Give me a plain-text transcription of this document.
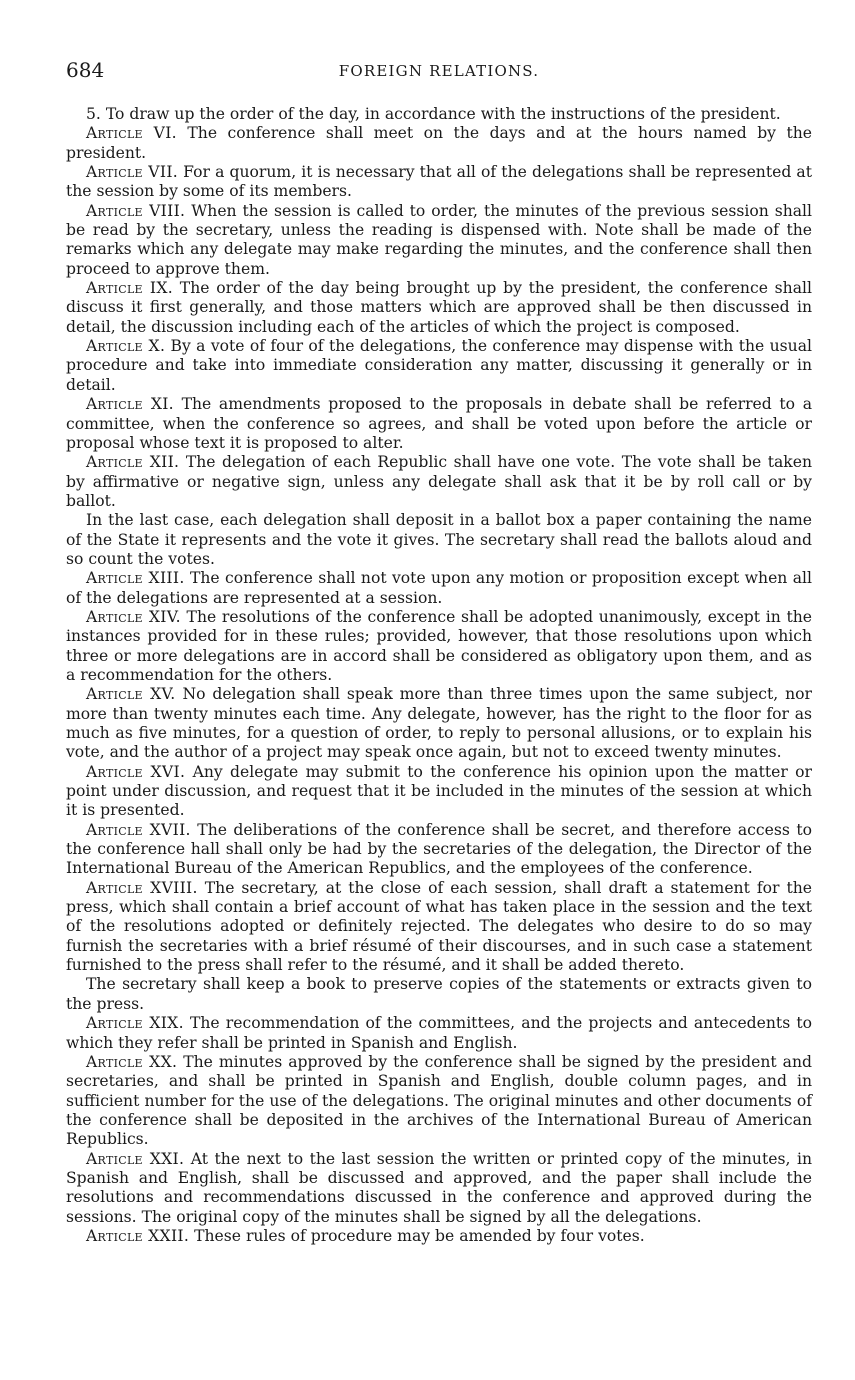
684	FOREIGN RELATIONS.

5. To draw up the order of the day, in accordance with the instructions of the president.

Article VI. The conference shall meet on the days and at the hours named by the president.

Article VII. For a quorum, it is necessary that all of the delegations shall be represented at the session by some of its members.

Article VIII. When the session is called to order, the minutes of the previous session shall be read by the secretary, unless the reading is dispensed with. Note shall be made of the remarks which any delegate may make regarding the minutes, and the conference shall then proceed to approve them.

Article IX. The order of the day being brought up by the president, the conference shall discuss it first generally, and those matters which are approved shall be then discussed in detail, the discussion including each of the articles of which the project is composed.

Article X. By a vote of four of the delegations, the conference may dispense with the usual procedure and take into immediate consideration any matter, discussing it generally or in detail.

Article XI. The amendments proposed to the proposals in debate shall be referred to a committee, when the conference so agrees, and shall be voted upon before the article or proposal whose text it is proposed to alter.

Article XII. The delegation of each Republic shall have one vote. The vote shall be taken by affirmative or negative sign, unless any delegate shall ask that it be by roll call or by ballot.

In the last case, each delegation shall deposit in a ballot box a paper containing the name of the State it represents and the vote it gives. The secretary shall read the ballots aloud and so count the votes.

Article XIII. The conference shall not vote upon any motion or proposition except when all of the delegations are represented at a session.

Article XIV. The resolutions of the conference shall be adopted unanimously, except in the instances provided for in these rules; provided, however, that those resolutions upon which three or more delegations are in accord shall be considered as obligatory upon them, and as a recommendation for the others.

Article XV. No delegation shall speak more than three times upon the same subject, nor more than twenty minutes each time. Any delegate, however, has the right to the floor for as much as five minutes, for a question of order, to reply to personal allusions, or to explain his vote, and the author of a project may speak once again, but not to exceed twenty minutes.

Article XVI. Any delegate may submit to the conference his opinion upon the matter or point under discussion, and request that it be included in the minutes of the session at which it is presented.

Article XVII. The deliberations of the conference shall be secret, and therefore access to the conference hall shall only be had by the secretaries of the delegation, the Director of the International Bureau of the American Republics, and the employees of the conference.

Article XVIII. The secretary, at the close of each session, shall draft a statement for the press, which shall contain a brief account of what has taken place in the session and the text of the resolutions adopted or definitely rejected. The delegates who desire to do so may furnish the secretaries with a brief résumé of their discourses, and in such case a statement furnished to the press shall refer to the résumé, and it shall be added thereto.

The secretary shall keep a book to preserve copies of the statements or extracts given to the press.

Article XIX. The recommendation of the committees, and the projects and antecedents to which they refer shall be printed in Spanish and English.

Article XX. The minutes approved by the conference shall be signed by the president and secretaries, and shall be printed in Spanish and English, double column pages, and in sufficient number for the use of the delegations. The original minutes and other documents of the conference shall be deposited in the archives of the International Bureau of American Republics.

Article XXI. At the next to the last session the written or printed copy of the minutes, in Spanish and English, shall be discussed and approved, and the paper shall include the resolutions and recommendations discussed in the conference and approved during the sessions. The original copy of the minutes shall be signed by all the delegations.

Article XXII. These rules of procedure may be amended by four votes.
